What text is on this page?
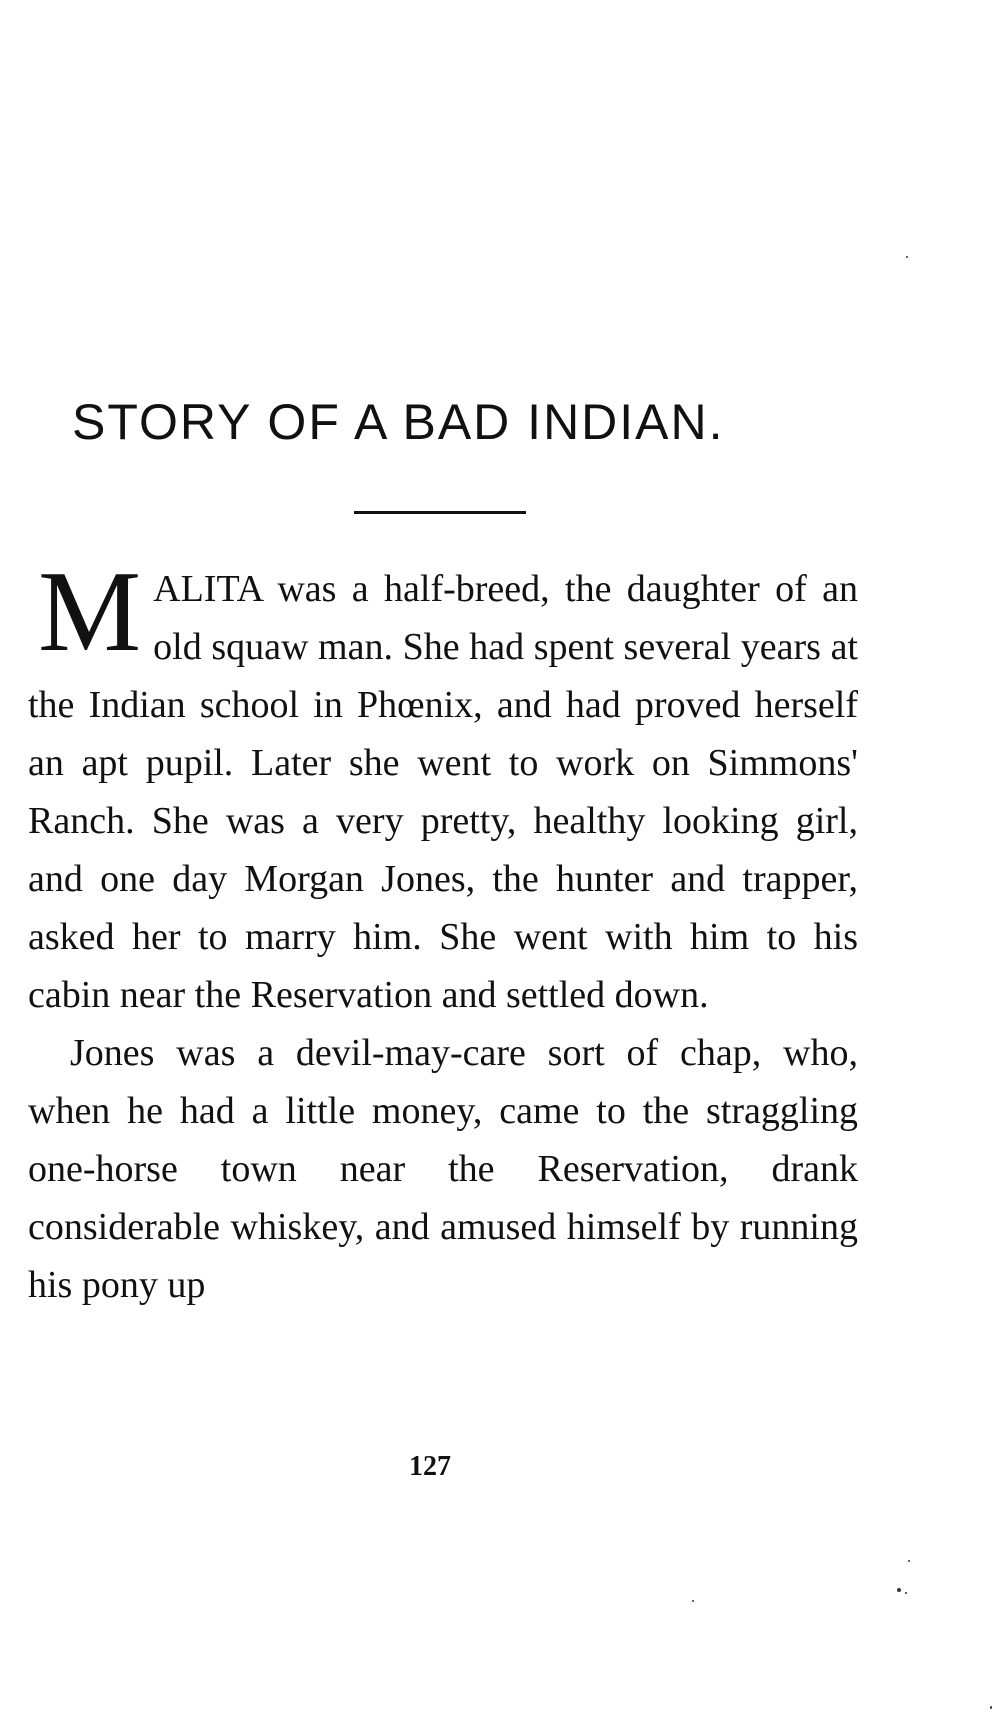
STORY OF A BAD INDIAN.

MALITA was a half-breed, the daughter of an old squaw man. She had spent several years at the Indian school in Phœnix, and had proved herself an apt pupil. Later she went to work on Simmons' Ranch. She was a very pretty, healthy looking girl, and one day Morgan Jones, the hunter and trapper, asked her to marry him. She went with him to his cabin near the Reservation and settled down.

Jones was a devil-may-care sort of chap, who, when he had a little money, came to the straggling one-horse town near the Reservation, drank considerable whiskey, and amused himself by running his pony up

127
